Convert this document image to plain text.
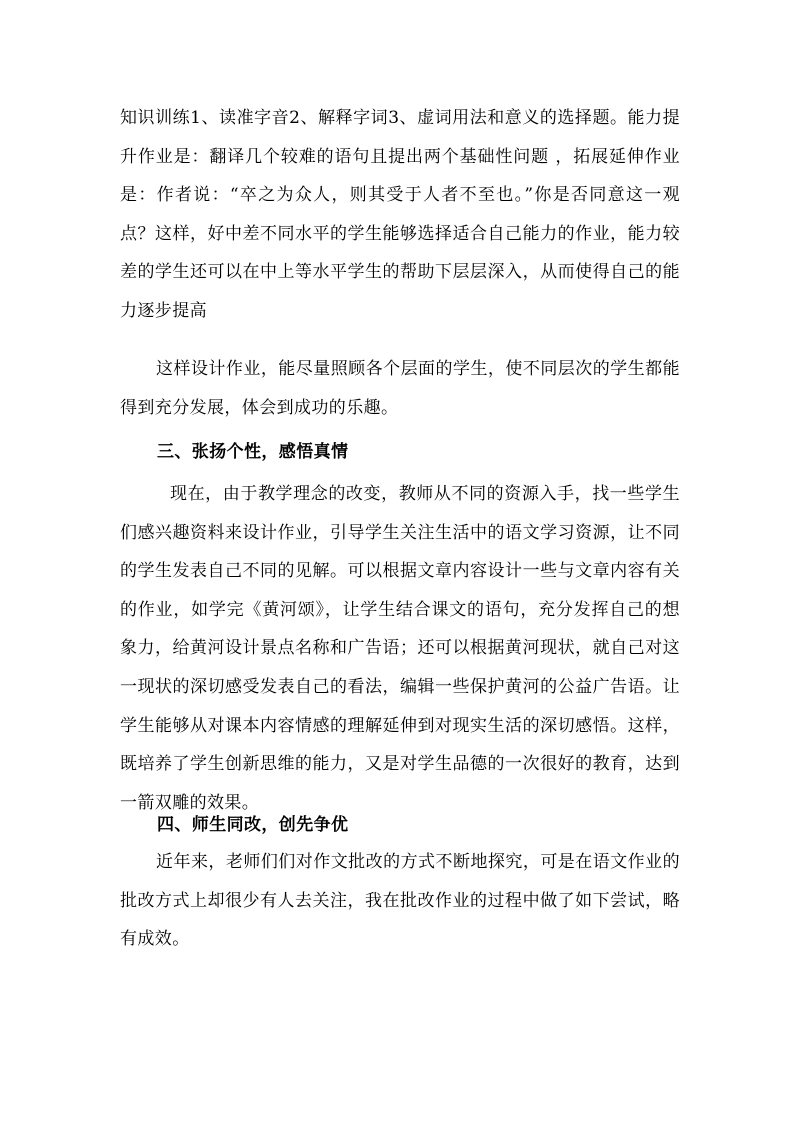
知识训练1、读准字音2、解释字词3、虚词用法和意义的选择题。能力提升作业是：翻译几个较难的语句且提出两个基础性问题 ，拓展延伸作业是：作者说：“卒之为众人，则其受于人者不至也。”你是否同意这一观点？这样，好中差不同水平的学生能够选择适合自己能力的作业，能力较差的学生还可以在中上等水平学生的帮助下层层深入，从而使得自己的能力逐步提高

这样设计作业，能尽量照顾各个层面的学生，使不同层次的学生都能得到充分发展，体会到成功的乐趣。

三、张扬个性，感悟真情

现在，由于教学理念的改变，教师从不同的资源入手，找一些学生们感兴趣资料来设计作业，引导学生关注生活中的语文学习资源，让不同的学生发表自己不同的见解。可以根据文章内容设计一些与文章内容有关的作业，如学完《黄河颂》，让学生结合课文的语句，充分发挥自己的想象力，给黄河设计景点名称和广告语；还可以根据黄河现状，就自己对这一现状的深切感受发表自己的看法，编辑一些保护黄河的公益广告语。让学生能够从对课本内容情感的理解延伸到对现实生活的深切感悟。这样，既培养了学生创新思维的能力，又是对学生品德的一次很好的教育，达到一箭双雕的效果。

四、师生同改，创先争优

近年来，老师们们对作文批改的方式不断地探究，可是在语文作业的批改方式上却很少有人去关注，我在批改作业的过程中做了如下尝试，略有成效。
